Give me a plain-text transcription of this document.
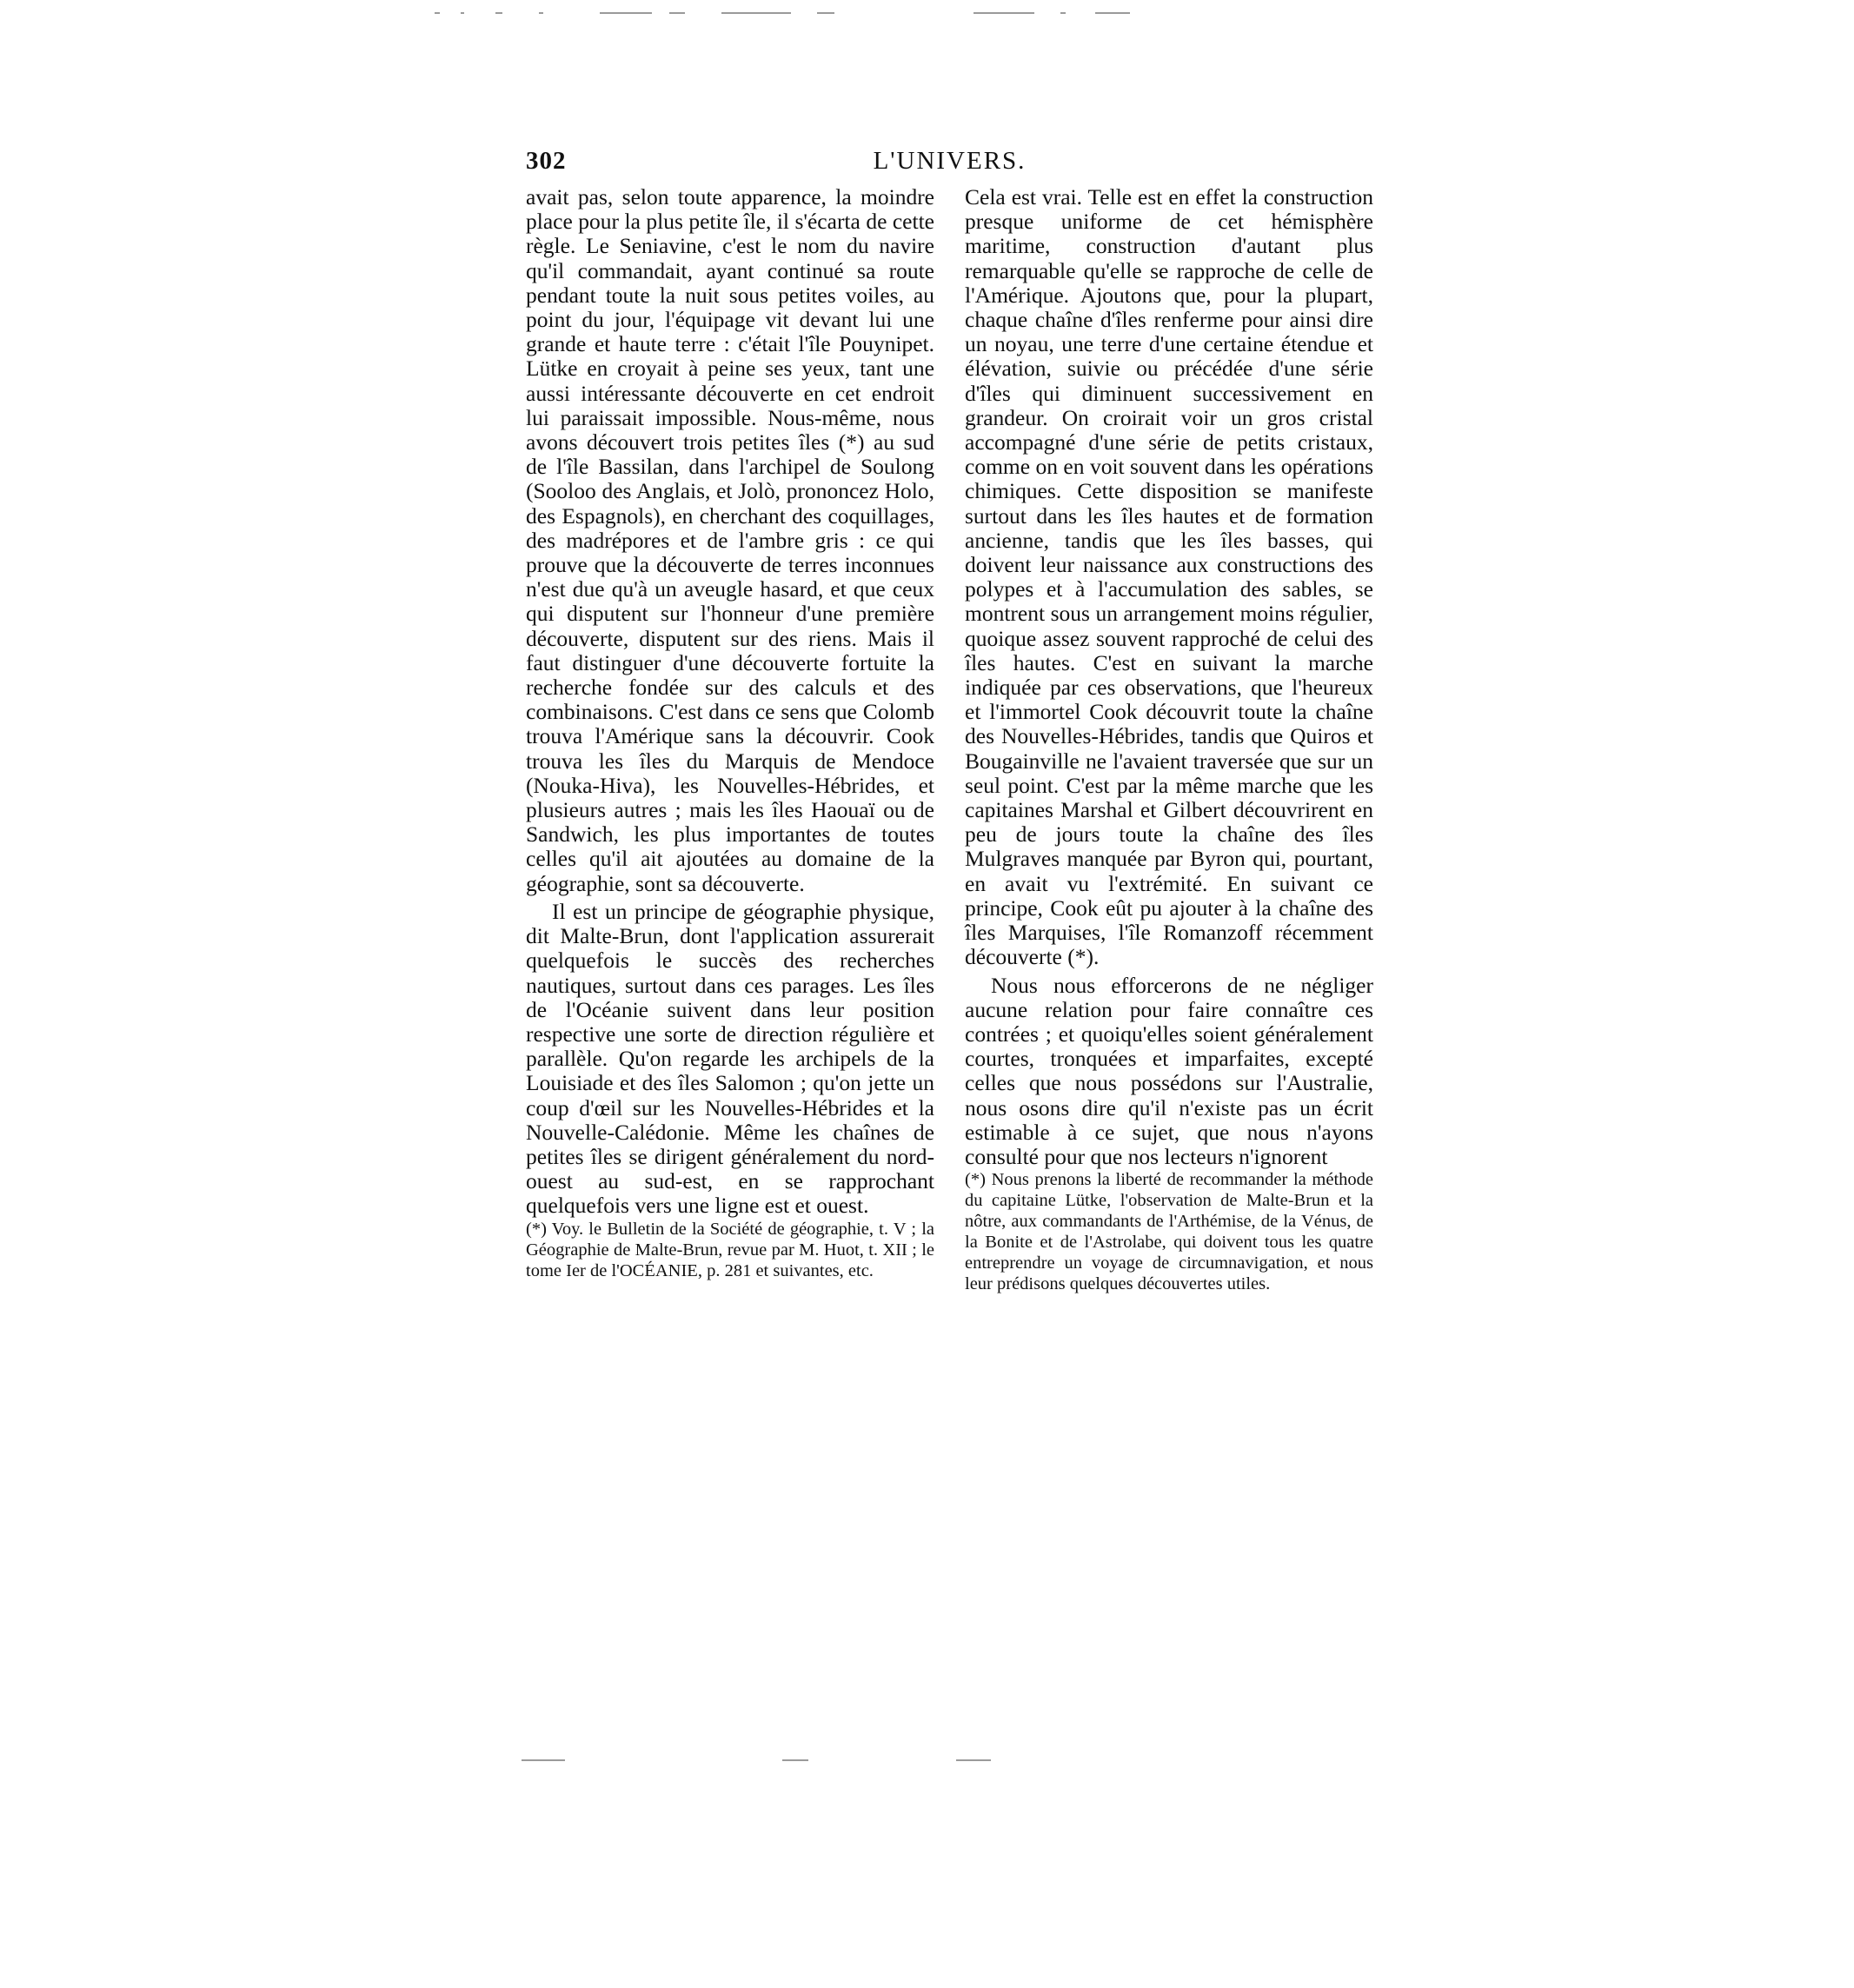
302	L'UNIVERS.

avait pas, selon toute apparence, la moindre place pour la plus petite île, il s'écarta de cette règle. Le Seniavine, c'est le nom du navire qu'il commandait, ayant continué sa route pendant toute la nuit sous petites voiles, au point du jour, l'équipage vit devant lui une grande et haute terre : c'était l'île Pouynipet. Lütke en croyait à peine ses yeux, tant une aussi intéressante découverte en cet endroit lui paraissait impossible. Nous-même, nous avons découvert trois petites îles (*) au sud de l'île Bassilan, dans l'archipel de Soulong (Sooloo des Anglais, et Jolò, prononcez Holo, des Espagnols), en cherchant des coquillages, des madrépores et de l'ambre gris : ce qui prouve que la découverte de terres inconnues n'est due qu'à un aveugle hasard, et que ceux qui disputent sur l'honneur d'une première découverte, disputent sur des riens. Mais il faut distinguer d'une découverte fortuite la recherche fondée sur des calculs et des combinaisons. C'est dans ce sens que Colomb trouva l'Amérique sans la découvrir. Cook trouva les îles du Marquis de Mendoce (Nouka-Hiva), les Nouvelles-Hébrides, et plusieurs autres ; mais les îles Haouaï ou de Sandwich, les plus importantes de toutes celles qu'il ait ajoutées au domaine de la géographie, sont sa découverte.

Il est un principe de géographie physique, dit Malte-Brun, dont l'application assurerait quelquefois le succès des recherches nautiques, surtout dans ces parages. Les îles de l'Océanie suivent dans leur position respective une sorte de direction régulière et parallèle. Qu'on regarde les archipels de la Louisiade et des îles Salomon ; qu'on jette un coup d'œil sur les Nouvelles-Hébrides et la Nouvelle-Calédonie. Même les chaînes de petites îles se dirigent généralement du nord-ouest au sud-est, en se rapprochant quelquefois vers une ligne est et ouest.

(*) Voy. le Bulletin de la Société de géographie, t. V ; la Géographie de Malte-Brun, revue par M. Huot, t. XII ; le tome Ier de l'OCÉANIE, p. 281 et suivantes, etc.

Cela est vrai. Telle est en effet la construction presque uniforme de cet hémisphère maritime, construction d'autant plus remarquable qu'elle se rapproche de celle de l'Amérique. Ajoutons que, pour la plupart, chaque chaîne d'îles renferme pour ainsi dire un noyau, une terre d'une certaine étendue et élévation, suivie ou précédée d'une série d'îles qui diminuent successivement en grandeur. On croirait voir un gros cristal accompagné d'une série de petits cristaux, comme on en voit souvent dans les opérations chimiques. Cette disposition se manifeste surtout dans les îles hautes et de formation ancienne, tandis que les îles basses, qui doivent leur naissance aux constructions des polypes et à l'accumulation des sables, se montrent sous un arrangement moins régulier, quoique assez souvent rapproché de celui des îles hautes. C'est en suivant la marche indiquée par ces observations, que l'heureux et l'immortel Cook découvrit toute la chaîne des Nouvelles-Hébrides, tandis que Quiros et Bougainville ne l'avaient traversée que sur un seul point. C'est par la même marche que les capitaines Marshal et Gilbert découvrirent en peu de jours toute la chaîne des îles Mulgraves manquée par Byron qui, pourtant, en avait vu l'extrémité. En suivant ce principe, Cook eût pu ajouter à la chaîne des îles Marquises, l'île Romanzoff récemment découverte (*).

Nous nous efforcerons de ne négliger aucune relation pour faire connaître ces contrées ; et quoiqu'elles soient généralement courtes, tronquées et imparfaites, excepté celles que nous possédons sur l'Australie, nous osons dire qu'il n'existe pas un écrit estimable à ce sujet, que nous n'ayons consulté pour que nos lecteurs n'ignorent

(*) Nous prenons la liberté de recommander la méthode du capitaine Lütke, l'observation de Malte-Brun et la nôtre, aux commandants de l'Arthémise, de la Vénus, de la Bonite et de l'Astrolabe, qui doivent tous les quatre entreprendre un voyage de circumnavigation, et nous leur prédisons quelques découvertes utiles.
